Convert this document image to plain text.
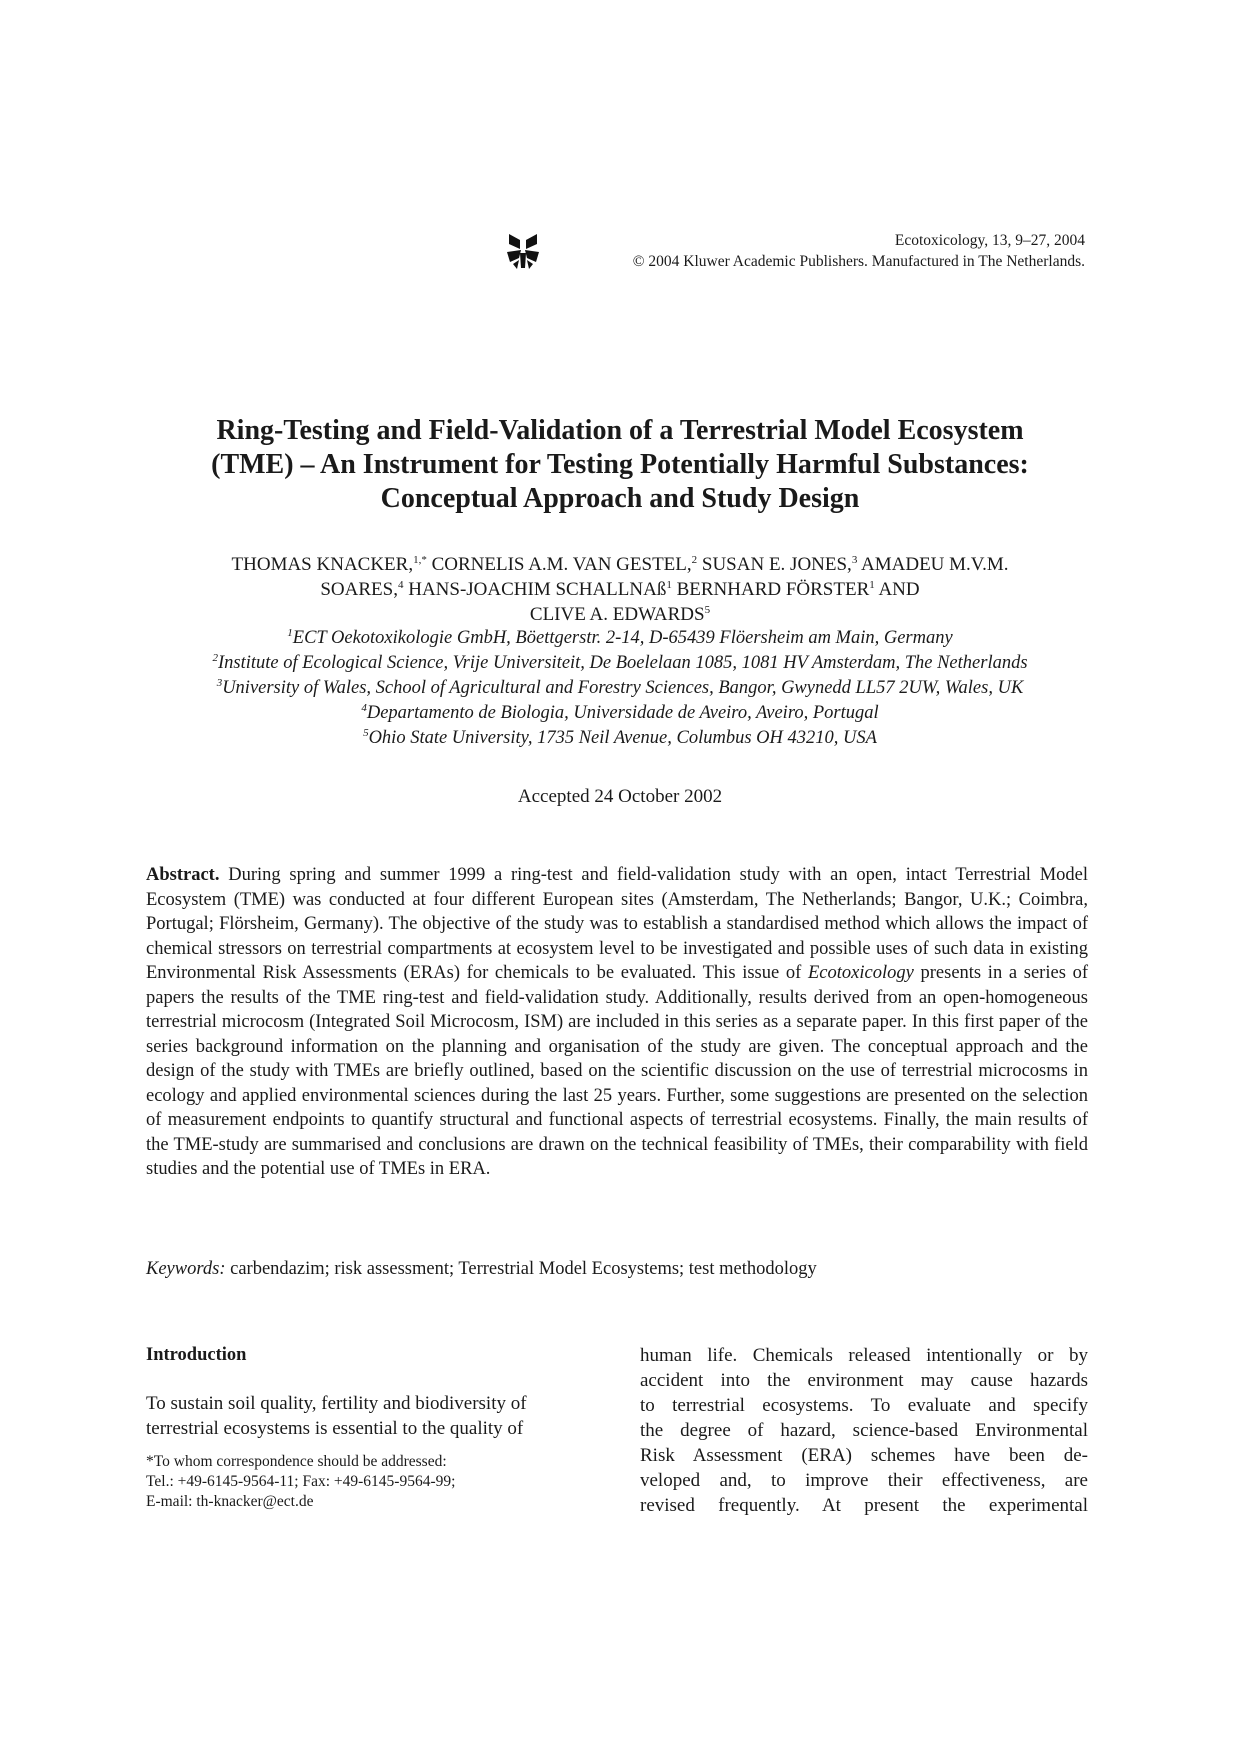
Ecotoxicology, 13, 9–27, 2004
© 2004 Kluwer Academic Publishers. Manufactured in The Netherlands.
Ring-Testing and Field-Validation of a Terrestrial Model Ecosystem
(TME) – An Instrument for Testing Potentially Harmful Substances:
Conceptual Approach and Study Design
THOMAS KNACKER,$^{1,*}$ CORNELIS A.M. VAN GESTEL,$^2$ SUSAN E. JONES,$^3$ AMADEU M.V.M.
SOARES,$^4$ HANS-JOACHIM SCHALLNAß$^1$ BERNHARD FÖRSTER$^1$ AND
CLIVE A. EDWARDS$^5$
$^1$ECT Oekotoxikologie GmbH, Böettgerstr. 2-14, D-65439 Flöersheim am Main, Germany
$^2$Institute of Ecological Science, Vrije Universiteit, De Boelelaan 1085, 1081 HV Amsterdam, The Netherlands
$^3$University of Wales, School of Agricultural and Forestry Sciences, Bangor, Gwynedd LL57 2UW, Wales, UK
$^4$Departamento de Biologia, Universidade de Aveiro, Aveiro, Portugal
$^5$Ohio State University, 1735 Neil Avenue, Columbus OH 43210, USA
Accepted 24 October 2002
Abstract. During spring and summer 1999 a ring-test and field-validation study with an open, intact Terrestrial Model Ecosystem (TME) was conducted at four different European sites (Amsterdam, The Netherlands; Bangor, U.K.; Coimbra, Portugal; Flörsheim, Germany). The objective of the study was to establish a standardised method which allows the impact of chemical stressors on terrestrial compartments at ecosystem level to be investigated and possible uses of such data in existing Environmental Risk Assessments (ERAs) for chemicals to be evaluated. This issue of Ecotoxicology presents in a series of papers the results of the TME ring-test and field-validation study. Additionally, results derived from an open-homogeneous terrestrial microcosm (Integrated Soil Microcosm, ISM) are included in this series as a separate paper. In this first paper of the series background information on the planning and organisation of the study are given. The conceptual approach and the design of the study with TMEs are briefly outlined, based on the scientific discussion on the use of terrestrial microcosms in ecology and applied environmental sciences during the last 25 years. Further, some suggestions are presented on the selection of measurement endpoints to quantify structural and functional aspects of terrestrial ecosystems. Finally, the main results of the TME-study are summarised and conclusions are drawn on the technical feasibility of TMEs, their comparability with field studies and the potential use of TMEs in ERA.
Keywords: carbendazim; risk assessment; Terrestrial Model Ecosystems; test methodology
Introduction
To sustain soil quality, fertility and biodiversity of
terrestrial ecosystems is essential to the quality of
*To whom correspondence should be addressed:
Tel.: +49-6145-9564-11; Fax: +49-6145-9564-99;
E-mail: th-knacker@ect.de
human life. Chemicals released intentionally or by
accident into the environment may cause hazards
to terrestrial ecosystems. To evaluate and specify
the degree of hazard, science-based Environmental
Risk Assessment (ERA) schemes have been de-
veloped and, to improve their effectiveness, are
revised frequently. At present the experimental
